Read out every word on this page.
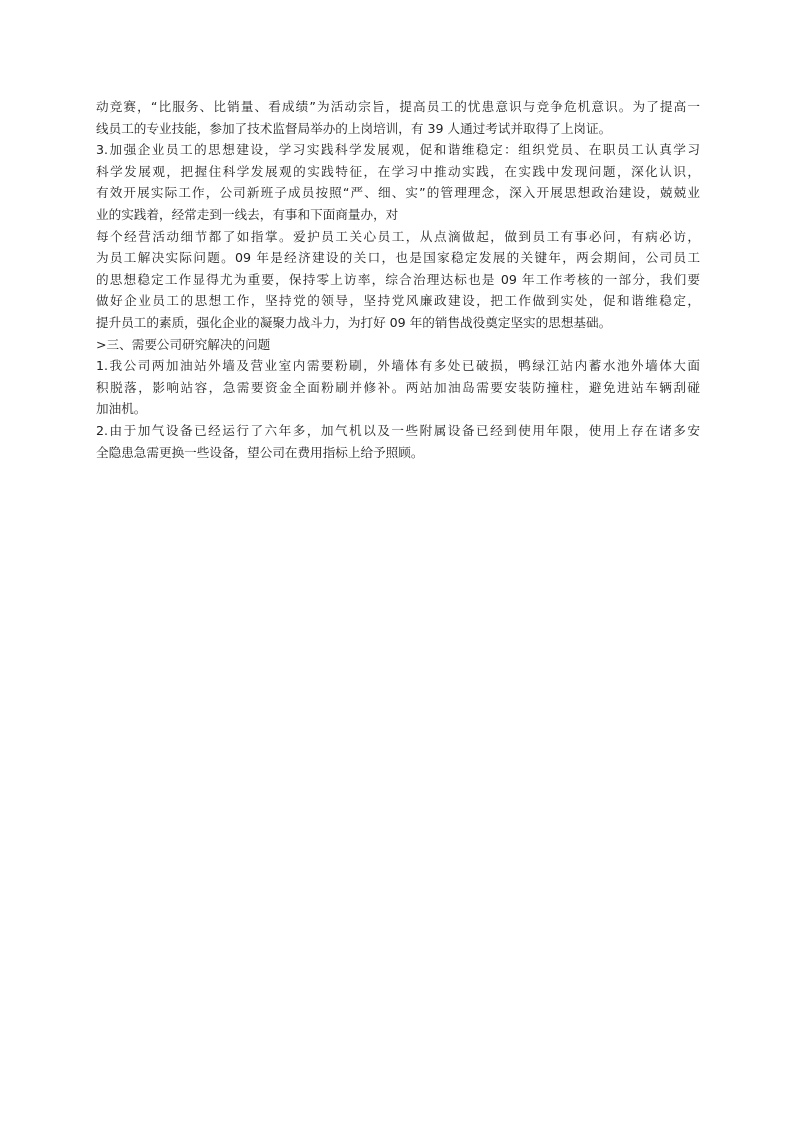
动竞赛，“比服务、比销量、看成绩”为活动宗旨，提高员工的忧患意识与竞争危机意识。为了提高一
线员工的专业技能，参加了技术监督局举办的上岗培训，有 39 人通过考试并取得了上岗证。
3.加强企业员工的思想建设，学习实践科学发展观，促和谐维稳定：组织党员、在职员工认真学习
科学发展观，把握住科学发展观的实践特征，在学习中推动实践，在实践中发现问题，深化认识，
有效开展实际工作，公司新班子成员按照“严、细、实”的管理理念，深入开展思想政治建设，兢兢业
业的实践着，经常走到一线去，有事和下面商量办，对
每个经营活动细节都了如指掌。爱护员工关心员工，从点滴做起，做到员工有事必问，有病必访，
为员工解决实际问题。09 年是经济建设的关口，也是国家稳定发展的关键年，两会期间，公司员工
的思想稳定工作显得尤为重要，保持零上访率，综合治理达标也是 09 年工作考核的一部分，我们要
做好企业员工的思想工作，坚持党的领导，坚持党风廉政建设，把工作做到实处，促和谐维稳定，
提升员工的素质，强化企业的凝聚力战斗力，为打好 09 年的销售战役奠定坚实的思想基础。
>三、需要公司研究解决的问题
1.我公司两加油站外墙及营业室内需要粉刷，外墙体有多处已破损，鸭绿江站内蓄水池外墙体大面
积脱落，影响站容，急需要资金全面粉刷并修补。两站加油岛需要安装防撞柱，避免进站车辆刮碰
加油机。
2.由于加气设备已经运行了六年多，加气机以及一些附属设备已经到使用年限，使用上存在诸多安
全隐患急需更换一些设备，望公司在费用指标上给予照顾。
